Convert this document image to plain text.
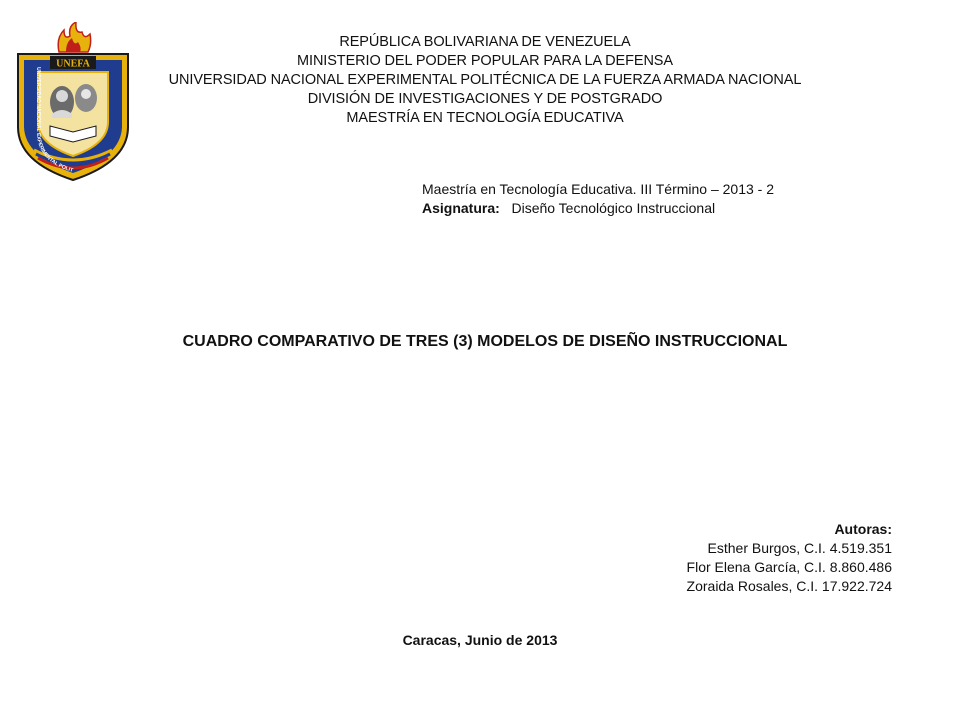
UNEFA
UNIVERSIDAD NACIONAL EXPERIMENTAL POLIT
REPÚBLICA BOLIVARIANA DE VENEZUELA
MINISTERIO DEL PODER POPULAR PARA LA DEFENSA
UNIVERSIDAD NACIONAL EXPERIMENTAL POLITÉCNICA DE LA FUERZA ARMADA NACIONAL
DIVISIÓN DE INVESTIGACIONES Y DE POSTGRADO
MAESTRÍA EN TECNOLOGÍA EDUCATIVA
Maestría en Tecnología Educativa. III Término – 2013 - 2
Asignatura: Diseño Tecnológico Instruccional
CUADRO COMPARATIVO DE TRES (3) MODELOS DE DISEÑO INSTRUCCIONAL
Autoras:
Esther Burgos, C.I. 4.519.351
Flor Elena García, C.I. 8.860.486
Zoraida Rosales, C.I. 17.922.724
Caracas, Junio de 2013
